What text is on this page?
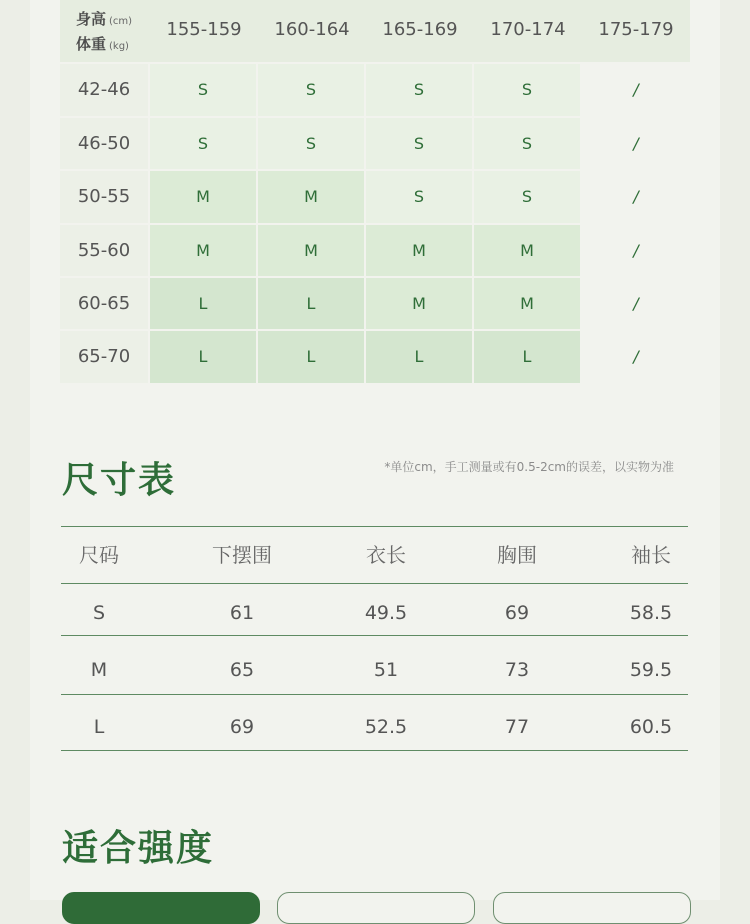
身高 (cm)
体重 (kg)
155-159	160-164	165-169	170-174	175-179
42-46	S	S	S	S	/
46-50	S	S	S	S	/
50-55	M	M	S	S	/
55-60	M	M	M	M	/
60-65	L	L	M	M	/
65-70	L	L	L	L	/
尺寸表	*单位cm，手工测量或有0.5-2cm的误差，以实物为准
尺码	下摆围	衣长	胸围	袖长
S	61	49.5	69	58.5
M	65	51	73	59.5
L	69	52.5	77	60.5
适合强度
